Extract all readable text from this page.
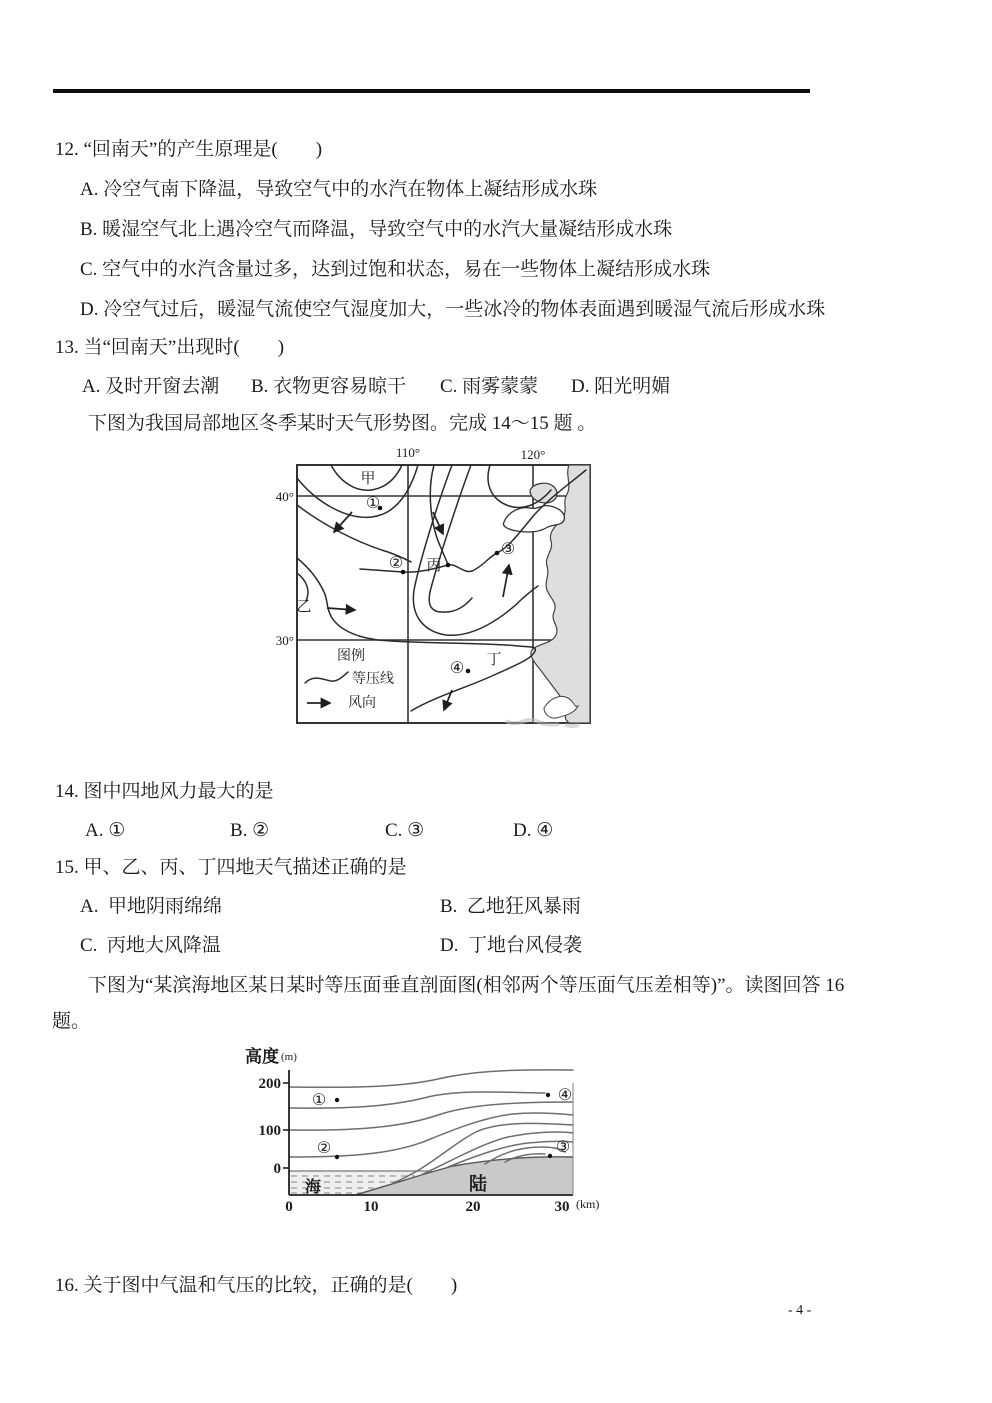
12. “回南天”的产生原理是(　　)
A. 冷空气南下降温，导致空气中的水汽在物体上凝结形成水珠
B. 暖湿空气北上遇冷空气而降温，导致空气中的水汽大量凝结形成水珠
C. 空气中的水汽含量过多，达到过饱和状态，易在一些物体上凝结形成水珠
D. 冷空气过后，暖湿气流使空气湿度加大，一些冰冷的物体表面遇到暖湿气流后形成水珠
13. 当“回南天”出现时(　　)
A. 及时开窗去潮 B. 衣物更容易晾干 C. 雨雾蒙蒙 D. 阳光明媚
下图为我国局部地区冬季某时天气形势图。完成 14～15 题 。
110°	120°
40°
30°
甲
乙
丙
丁
①
②
③
④
图例
等压线
风向
14. 图中四地风力最大的是
A. ①	B. ②	C. ③	D. ④
15. 甲、乙、丙、丁四地天气描述正确的是
A.  甲地阴雨绵绵	B.  乙地狂风暴雨
C.  丙地大风降温	D.  丁地台风侵袭
下图为“某滨海地区某日某时等压面垂直剖面图(相邻两个等压面气压差相等)”。读图回答 16
题。
高度 (m)
200
100
0
0	10	20	30 (km)
海	陆
①
②	③
④
16. 关于图中气温和气压的比较，正确的是(　　)
- 4 -
